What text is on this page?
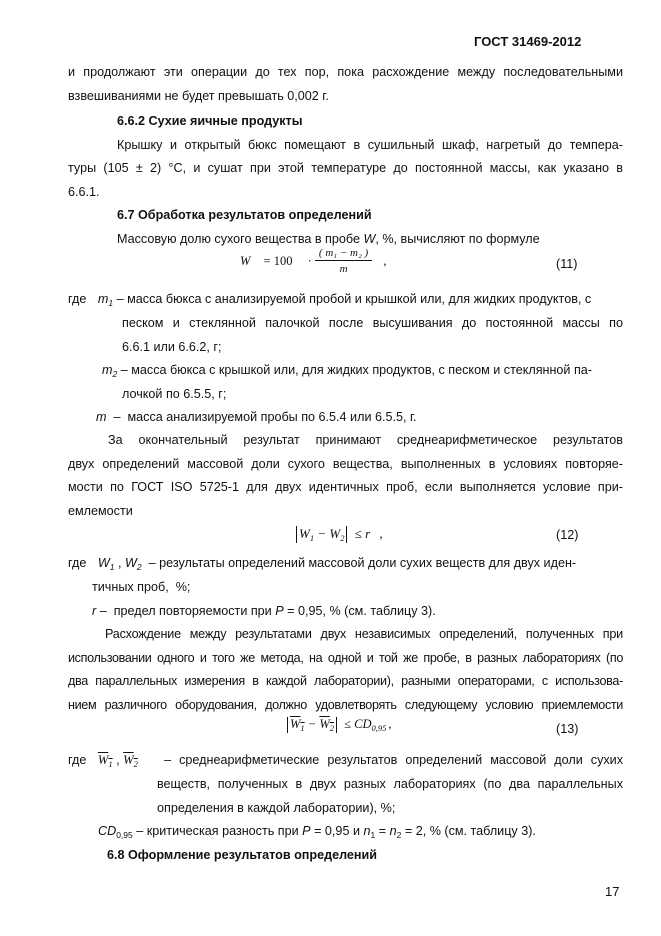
ГОСТ 31469-2012
и продолжают эти операции до тех пор, пока расхождение между последовательными
взвешиваниями не будет превышать 0,002 г.
6.6.2 Сухие яичные продукты
Крышку и открытый бюкс помещают в сушильный шкаф, нагретый до темпера-
туры (105 ± 2) °С, и сушат при этой температуре до постоянной массы, как указано в
6.6.1.
6.7 Обработка результатов определений
Массовую долю сухого вещества в пробе W, %, вычисляют по формуле
$W = 100 \cdot \frac{\text{( m₁ − m₂ )}}{m}$ ,	(11)
где $m_1$ – масса бюкса с анализируемой пробой и крышкой или, для жидких продуктов, с
песком и стеклянной палочкой после высушивания до постоянной массы по
6.6.1 или 6.6.2, г;
$m_2$ – масса бюкса с крышкой или, для жидких продуктов, с песком и стеклянной па-
лочкой по 6.5.5, г;
m  –  масса анализируемой пробы по 6.5.4 или 6.5.5, г.
За окончательный результат принимают среднеарифметическое результатов
двух определений массовой доли сухого вещества, выполненных в условиях повторяе-
мости по ГОСТ ISO 5725-1 для двух идентичных проб, если выполняется условие при-
емлемости
$W_1 - W_2 \le r$ ,	(12)
где $W_1$ , $W_2$  – результаты определений массовой доли сухих веществ для двух иден-
тичных проб,  %;
r –  предел повторяемости при P = 0,95, % (см. таблицу 3).
Расхождение между результатами двух независимых определений, полученных при
использовании одного и того же метода, на одной и той же пробе, в разных лабораториях (по
два параллельных измерения в каждой лаборатории), разными операторами, с использова-
нием различного оборудования, должно удовлетворять следующему условию приемлемости
$W_1 - W_2 \le CD_{0,95}$ ,	(13)
где $W_1$ , $W_2$ – среднеарифметические результатов определений массовой доли сухих
веществ, полученных в двух разных лабораториях (по два параллельных
определения в каждой лаборатории), %;
$CD_{0,95}$ – критическая разность при P = 0,95 и $n_1 = n_2 = 2$, % (см. таблицу 3).
6.8 Оформление результатов определений
17
